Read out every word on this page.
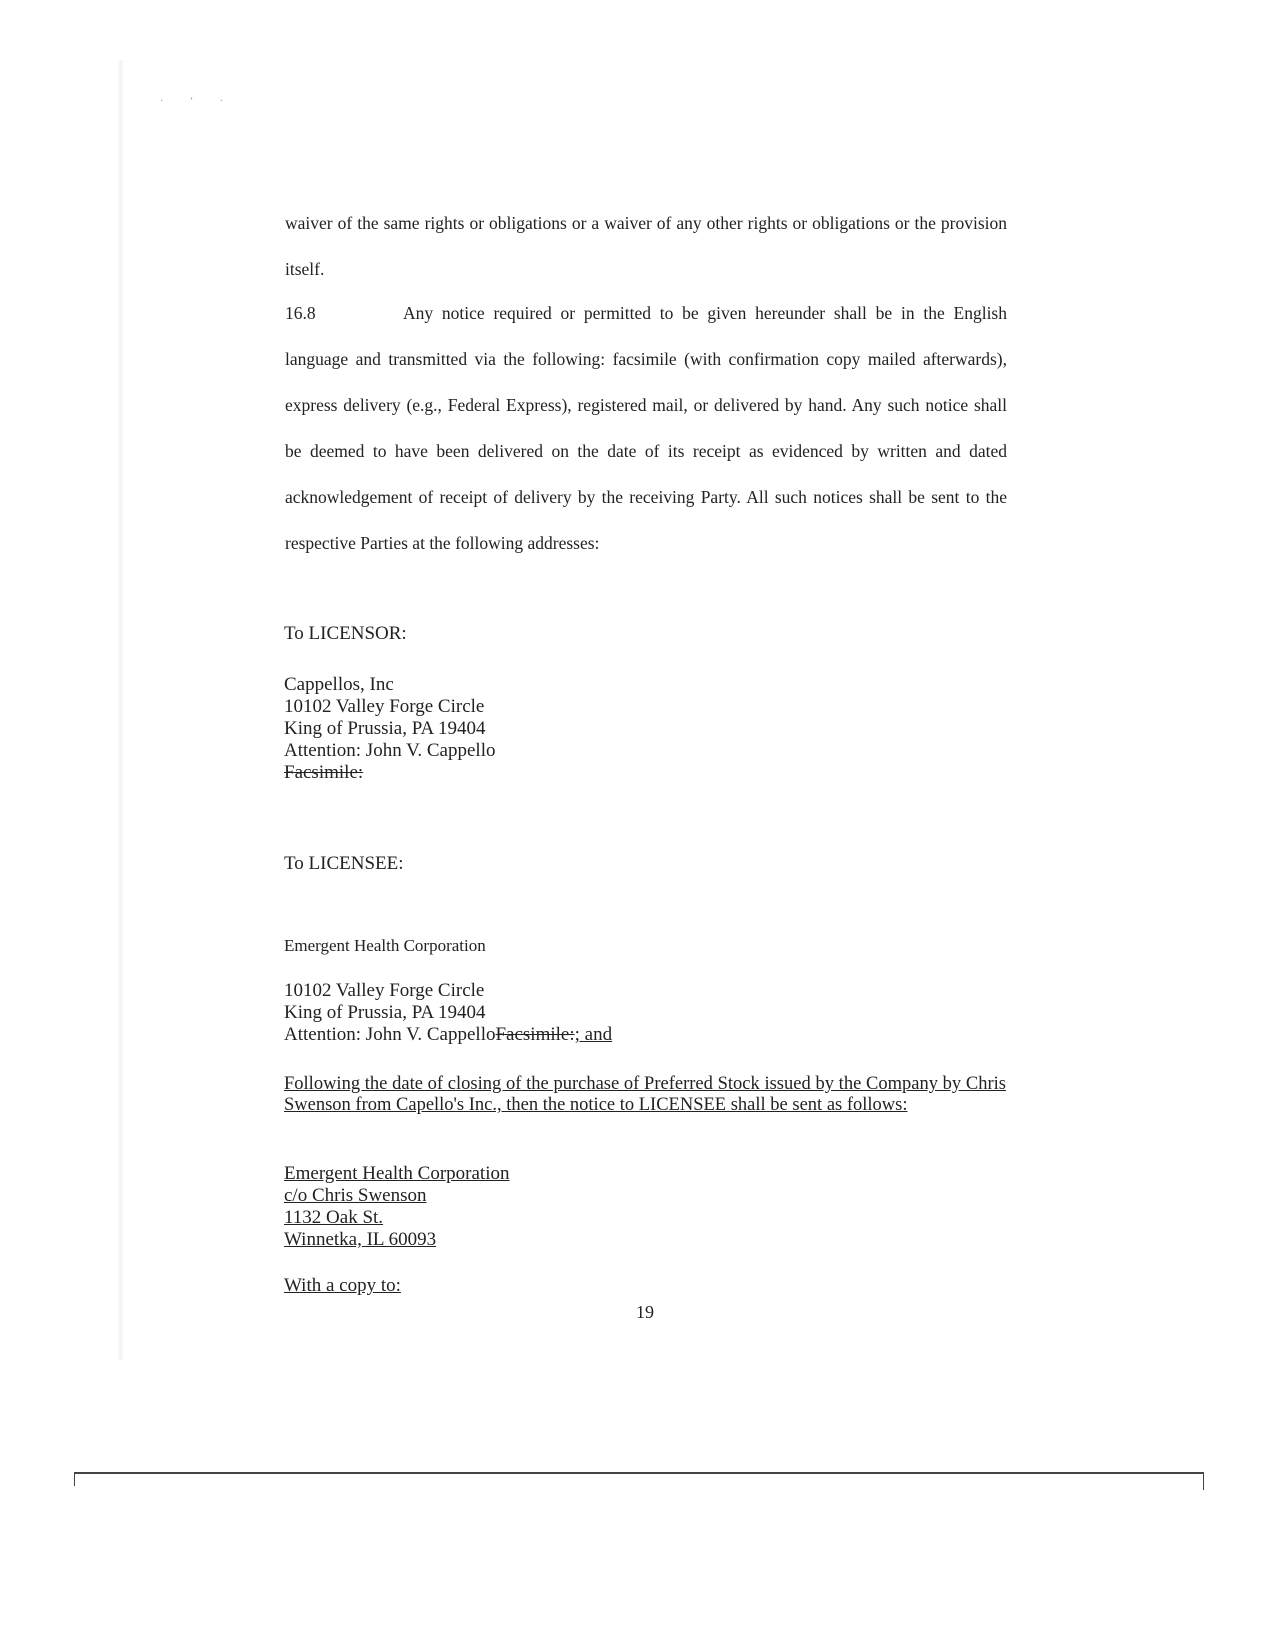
· ‘ ·
waiver of the same rights or obligations or a waiver of any other rights or obligations or the provision itself.
16.8	Any notice required or permitted to be given hereunder shall be in the English language and transmitted via the following: facsimile (with confirmation copy mailed afterwards), express delivery (e.g., Federal Express), registered mail, or delivered by hand. Any such notice shall be deemed to have been delivered on the date of its receipt as evidenced by written and dated acknowledgement of receipt of delivery by the receiving Party. All such notices shall be sent to the respective Parties at the following addresses:
To LICENSOR:
Cappellos, Inc
10102 Valley Forge Circle
King of Prussia, PA 19404
Attention: John V. Cappello
Facsimile:
To LICENSEE:
Emergent Health Corporation
10102 Valley Forge Circle
King of Prussia, PA 19404
Attention: John V. CappelloFacsimile:; and
Following the date of closing of the purchase of Preferred Stock issued by the Company by Chris Swenson from Capello's Inc., then the notice to LICENSEE shall be sent as follows:
Emergent Health Corporation
c/o Chris Swenson
1132 Oak St.
Winnetka, IL 60093
With a copy to:
19
